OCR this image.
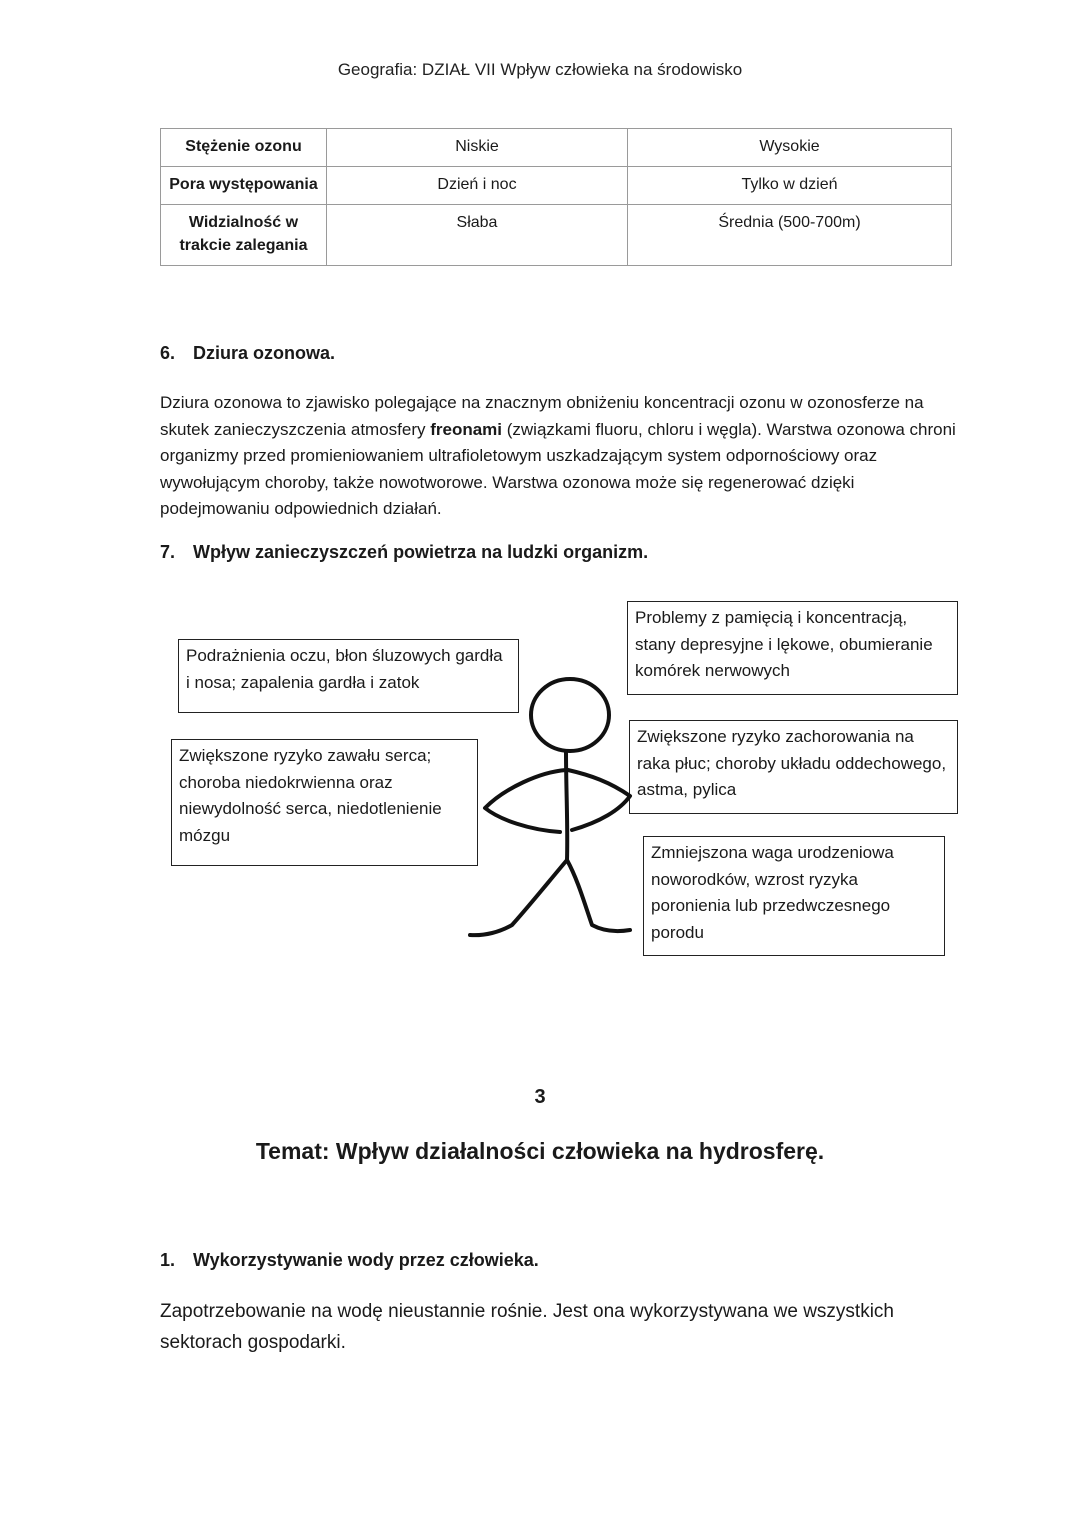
Geografia: DZIAŁ VII Wpływ człowieka na środowisko
Stężenie ozonu	Niskie	Wysokie
Pora występowania	Dzień i noc	Tylko w dzień
Widzialność w trakcie zalegania	Słaba	Średnia (500-700m)
6. Dziura ozonowa.
Dziura ozonowa to zjawisko polegające na znacznym obniżeniu koncentracji ozonu w ozonosferze na skutek zanieczyszczenia atmosfery freonami (związkami fluoru, chloru i węgla). Warstwa ozonowa chroni organizmy przed promieniowaniem ultrafioletowym uszkadzającym system odpornościowy oraz wywołującym choroby, także nowotworowe. Warstwa ozonowa może się regenerować dzięki podejmowaniu odpowiednich działań.
7. Wpływ zanieczyszczeń powietrza na ludzki organizm.
Podrażnienia oczu, błon śluzowych gardła i nosa; zapalenia gardła i zatok
Zwiększone ryzyko zawału serca; choroba niedokrwienna oraz niewydolność serca, niedotlenienie mózgu
Problemy z pamięcią i koncentracją, stany depresyjne i lękowe, obumieranie komórek nerwowych
Zwiększone ryzyko zachorowania na raka płuc; choroby układu oddechowego, astma, pylica
Zmniejszona waga urodzeniowa noworodków, wzrost ryzyka poronienia lub przedwczesnego porodu
3
Temat: Wpływ działalności człowieka na hydrosferę.
1. Wykorzystywanie wody przez człowieka.
Zapotrzebowanie na wodę nieustannie rośnie. Jest ona wykorzystywana we wszystkich sektorach gospodarki.
